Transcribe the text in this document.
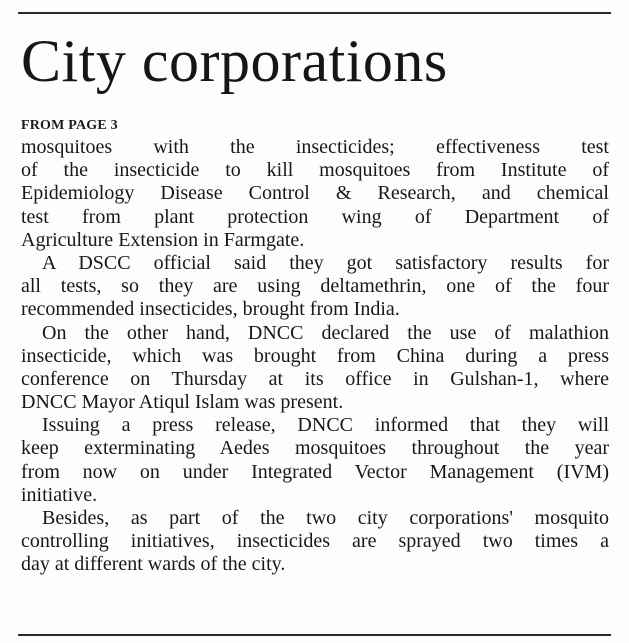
City corporations
FROM PAGE 3
mosquitoes with the insecticides; effectiveness test
of the insecticide to kill mosquitoes from Institute of
Epidemiology Disease Control & Research, and chemical
test from plant protection wing of Department of
Agriculture Extension in Farmgate.
A DSCC official said they got satisfactory results for
all tests, so they are using deltamethrin, one of the four
recommended insecticides, brought from India.
On the other hand, DNCC declared the use of malathion
insecticide, which was brought from China during a press
conference on Thursday at its office in Gulshan-1, where
DNCC Mayor Atiqul Islam was present.
Issuing a press release, DNCC informed that they will
keep exterminating Aedes mosquitoes throughout the year
from now on under Integrated Vector Management (IVM)
initiative.
Besides, as part of the two city corporations' mosquito
controlling initiatives, insecticides are sprayed two times a
day at different wards of the city.
